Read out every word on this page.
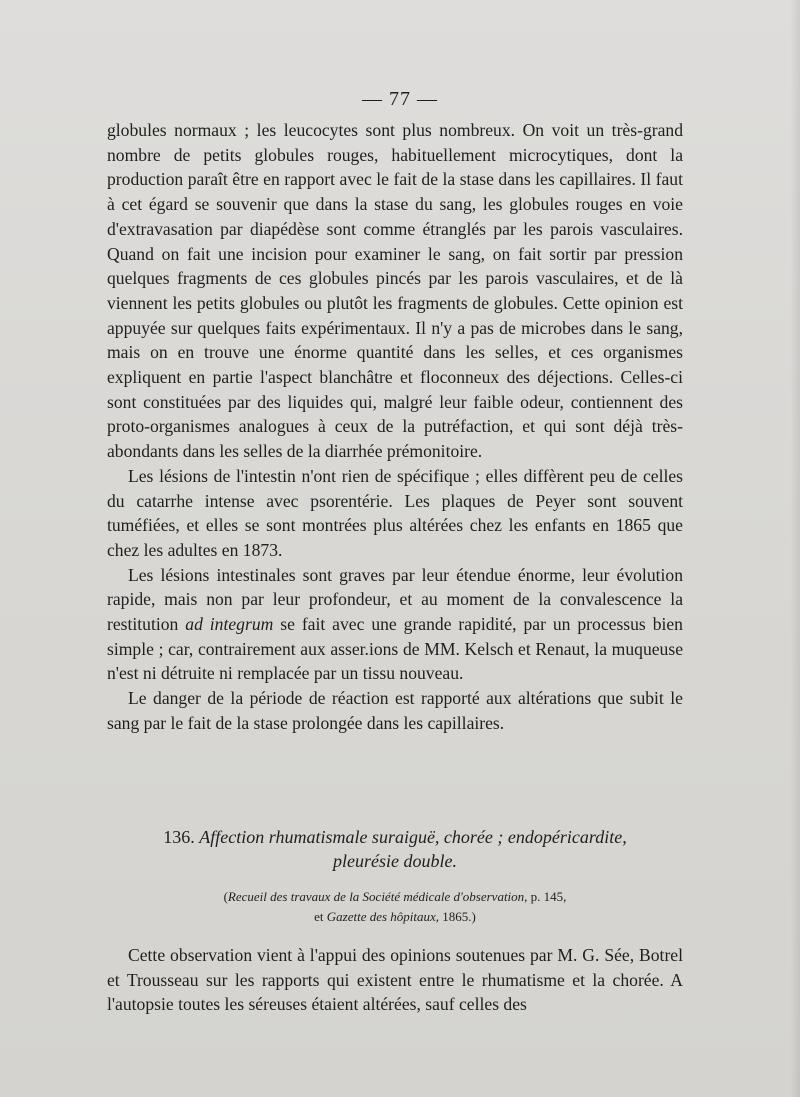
— 77 —

globules normaux ; les leucocytes sont plus nombreux. On voit un très-grand nombre de petits globules rouges, habituellement microcytiques, dont la production paraît être en rapport avec le fait de la stase dans les capillaires. Il faut à cet égard se souvenir que dans la stase du sang, les globules rouges en voie d'extravasation par diapédèse sont comme étranglés par les parois vasculaires. Quand on fait une incision pour examiner le sang, on fait sortir par pression quelques fragments de ces globules pincés par les parois vasculaires, et de là viennent les petits globules ou plutôt les fragments de globules. Cette opinion est appuyée sur quelques faits expérimentaux. Il n'y a pas de microbes dans le sang, mais on en trouve une énorme quantité dans les selles, et ces organismes expliquent en partie l'aspect blanchâtre et floconneux des déjections. Celles-ci sont constituées par des liquides qui, malgré leur faible odeur, contiennent des proto-organismes analogues à ceux de la putréfaction, et qui sont déjà très-abondants dans les selles de la diarrhée prémonitoire.

Les lésions de l'intestin n'ont rien de spécifique ; elles diffèrent peu de celles du catarrhe intense avec psorentérie. Les plaques de Peyer sont souvent tuméfiées, et elles se sont montrées plus altérées chez les enfants en 1865 que chez les adultes en 1873.

Les lésions intestinales sont graves par leur étendue énorme, leur évolution rapide, mais non par leur profondeur, et au moment de la convalescence la restitution ad integrum se fait avec une grande rapidité, par un processus bien simple ; car, contrairement aux asser.ions de MM. Kelsch et Renaut, la muqueuse n'est ni détruite ni remplacée par un tissu nouveau.

Le danger de la période de réaction est rapporté aux altérations que subit le sang par le fait de la stase prolongée dans les capillaires.

136. Affection rhumatismale suraiguë, chorée ; endopéricardite,
pleurésie double.
(Recueil des travaux de la Société médicale d'observation, p. 145,
et Gazette des hôpitaux, 1865.)

Cette observation vient à l'appui des opinions soutenues par M. G. Sée, Botrel et Trousseau sur les rapports qui existent entre le rhumatisme et la chorée. A l'autopsie toutes les séreuses étaient altérées, sauf celles des
